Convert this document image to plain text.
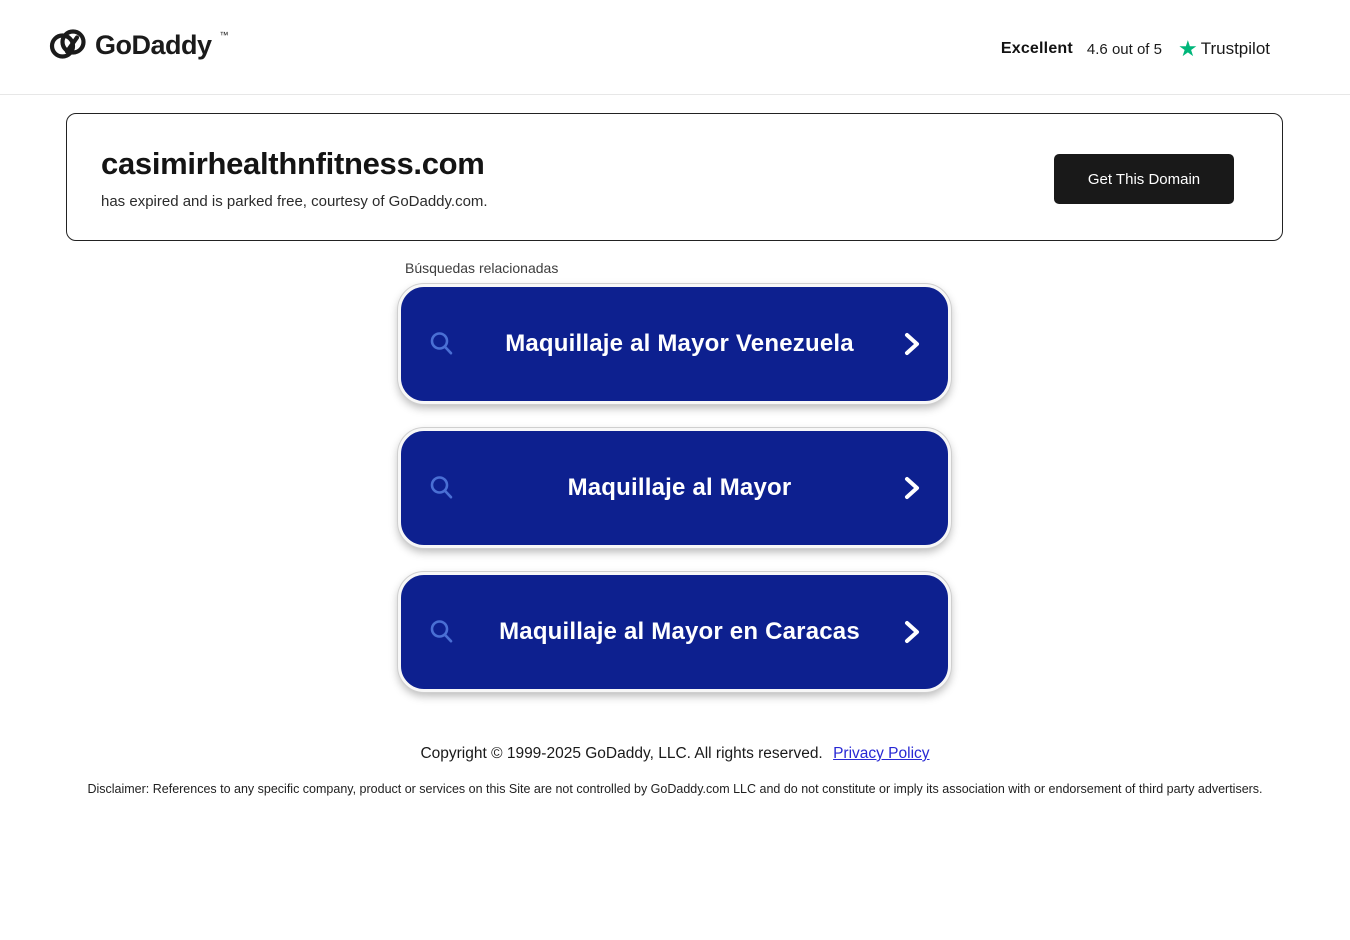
GoDaddy ™
Excellent 4.6 out of 5 ★ Trustpilot
casimirhealthnfitness.com
has expired and is parked free, courtesy of GoDaddy.com.
Get This Domain
Búsquedas relacionadas
Maquillaje al Mayor Venezuela
Maquillaje al Mayor
Maquillaje al Mayor en Caracas
Copyright © 1999-2025 GoDaddy, LLC. All rights reserved. Privacy Policy
Disclaimer: References to any specific company, product or services on this Site are not controlled by GoDaddy.com LLC and do not constitute or imply its association with or endorsement of third party advertisers.
